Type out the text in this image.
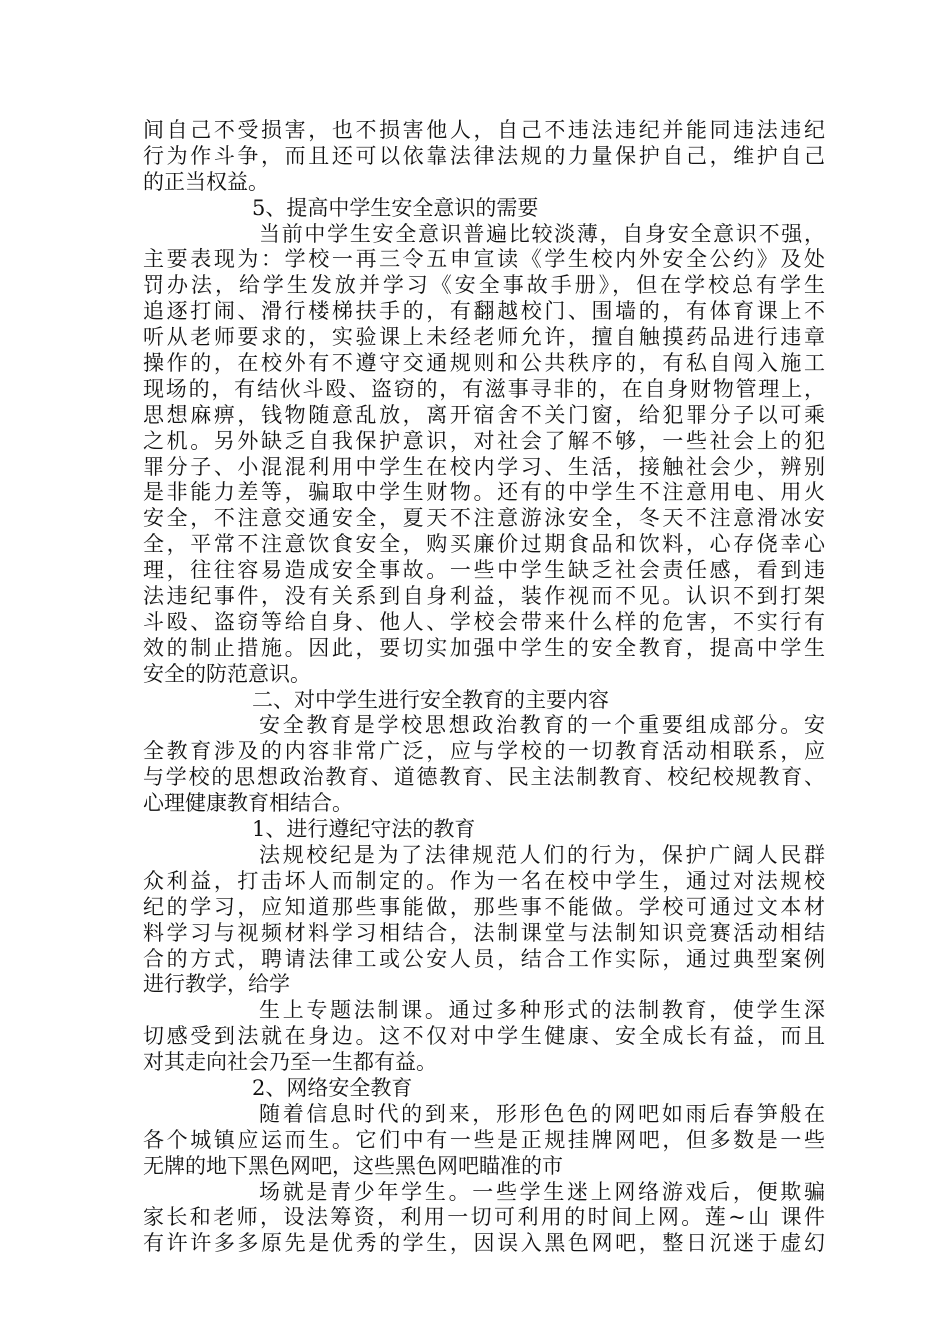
间自己不受损害，也不损害他人，自己不违法违纪并能同违法违纪
行为作斗争，而且还可以依靠法律法规的力量保护自己，维护自己
的正当权益。
5、提高中学生安全意识的需要
当前中学生安全意识普遍比较淡薄，自身安全意识不强，
主要表现为：学校一再三令五申宣读《学生校内外安全公约》及处
罚办法，给学生发放并学习《安全事故手册》，但在学校总有学生
追逐打闹、滑行楼梯扶手的，有翻越校门、围墙的，有体育课上不
听从老师要求的，实验课上未经老师允许，擅自触摸药品进行违章
操作的，在校外有不遵守交通规则和公共秩序的，有私自闯入施工
现场的，有结伙斗殴、盗窃的，有滋事寻非的，在自身财物管理上，
思想麻痹，钱物随意乱放，离开宿舍不关门窗，给犯罪分子以可乘
之机。另外缺乏自我保护意识，对社会了解不够，一些社会上的犯
罪分子、小混混利用中学生在校内学习、生活，接触社会少，辨别
是非能力差等，骗取中学生财物。还有的中学生不注意用电、用火
安全，不注意交通安全，夏天不注意游泳安全，冬天不注意滑冰安
全，平常不注意饮食安全，购买廉价过期食品和饮料，心存侥幸心
理，往往容易造成安全事故。一些中学生缺乏社会责任感，看到违
法违纪事件，没有关系到自身利益，装作视而不见。认识不到打架
斗殴、盗窃等给自身、他人、学校会带来什么样的危害，不实行有
效的制止措施。因此，要切实加强中学生的安全教育，提高中学生
安全的防范意识。
二、对中学生进行安全教育的主要内容
安全教育是学校思想政治教育的一个重要组成部分。安
全教育涉及的内容非常广泛，应与学校的一切教育活动相联系，应
与学校的思想政治教育、道德教育、民主法制教育、校纪校规教育、
心理健康教育相结合。
1、进行遵纪守法的教育
法规校纪是为了法律规范人们的行为，保护广阔人民群
众利益，打击坏人而制定的。作为一名在校中学生，通过对法规校
纪的学习，应知道那些事能做，那些事不能做。学校可通过文本材
料学习与视频材料学习相结合，法制课堂与法制知识竞赛活动相结
合的方式，聘请法律工或公安人员，结合工作实际，通过典型案例
进行教学，给学
生上专题法制课。通过多种形式的法制教育，使学生深
切感受到法就在身边。这不仅对中学生健康、安全成长有益，而且
对其走向社会乃至一生都有益。
2、网络安全教育
随着信息时代的到来，形形色色的网吧如雨后春笋般在
各个城镇应运而生。它们中有一些是正规挂牌网吧，但多数是一些
无牌的地下黑色网吧，这些黑色网吧瞄准的市
场就是青少年学生。一些学生迷上网络游戏后，便欺骗
家长和老师，设法筹资，利用一切可利用的时间上网。莲~山 课件
有许许多多原先是优秀的学生，因误入黑色网吧，整日沉迷于虚幻
